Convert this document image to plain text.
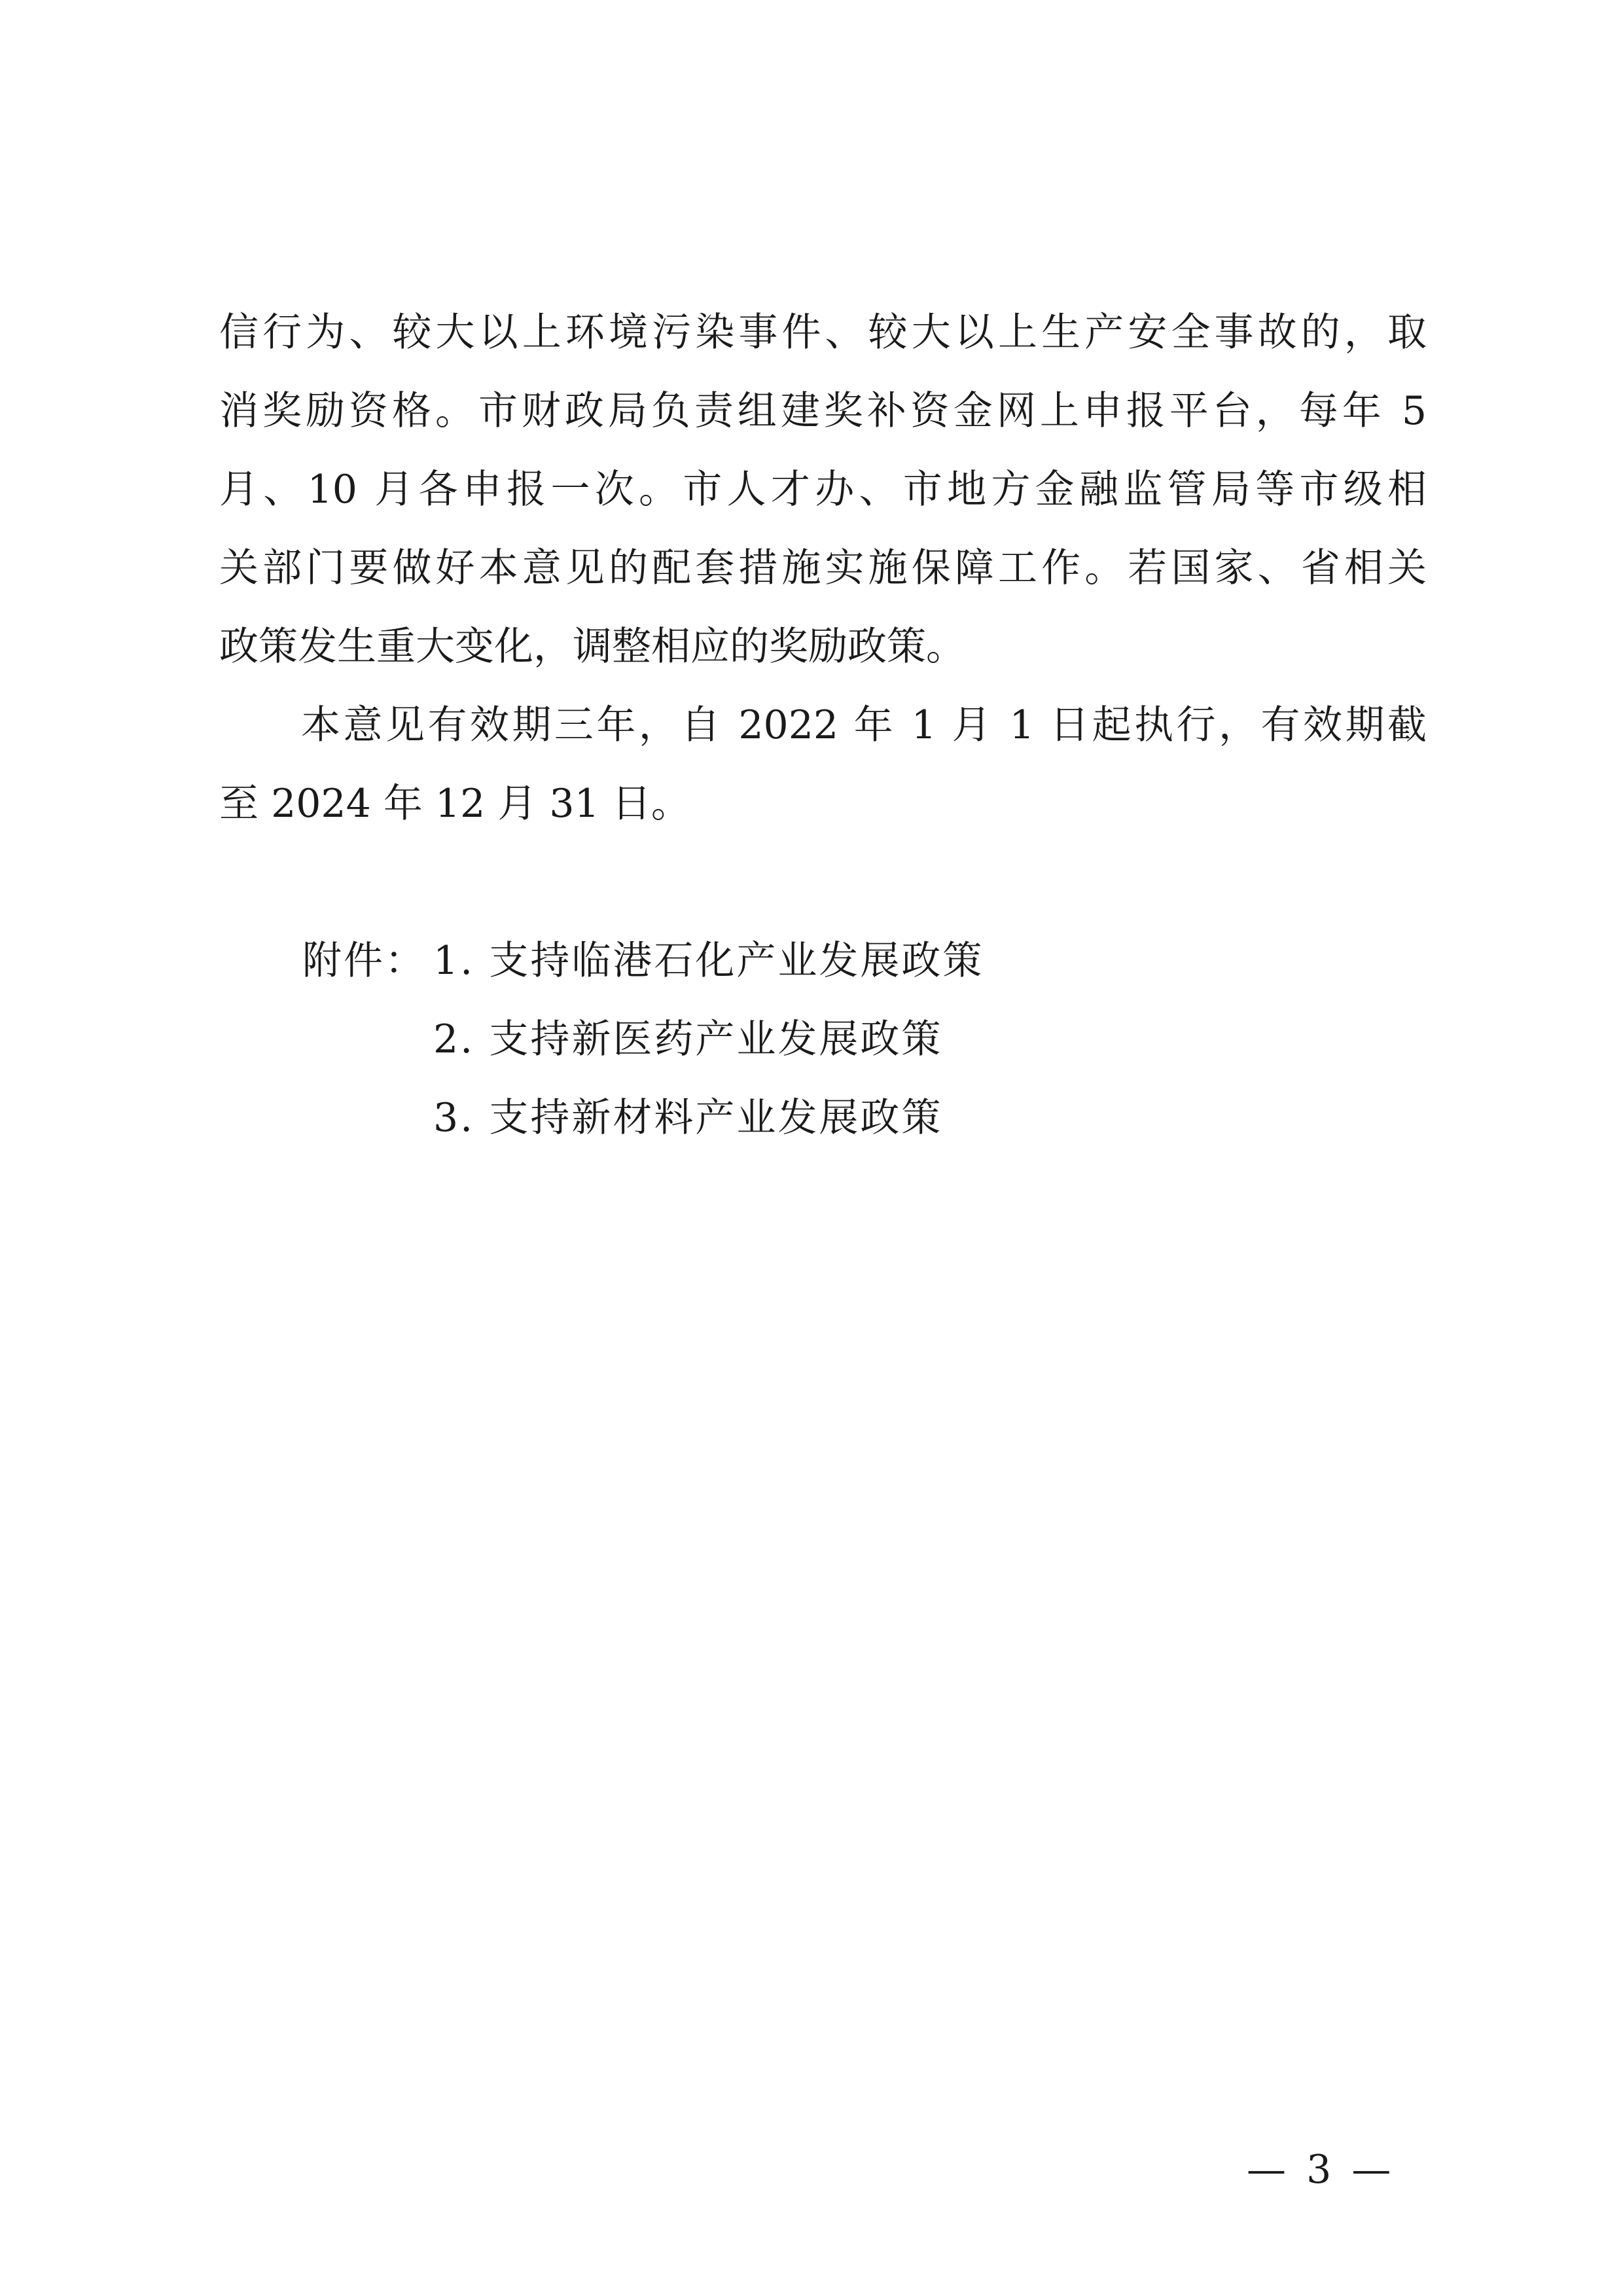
信行为、较大以上环境污染事件、较大以上生产安全事故的，取
消奖励资格。市财政局负责组建奖补资金网上申报平台，每年 5
月、10 月各申报一次。市人才办、市地方金融监管局等市级相
关部门要做好本意见的配套措施实施保障工作。若国家、省相关
政策发生重大变化，调整相应的奖励政策。
本意见有效期三年，自 2022 年 1 月 1 日起执行，有效期截
至 2024 年 12 月 31 日。
附件： 1. 支持临港石化产业发展政策
2. 支持新医药产业发展政策
3. 支持新材料产业发展政策
— 3 —
